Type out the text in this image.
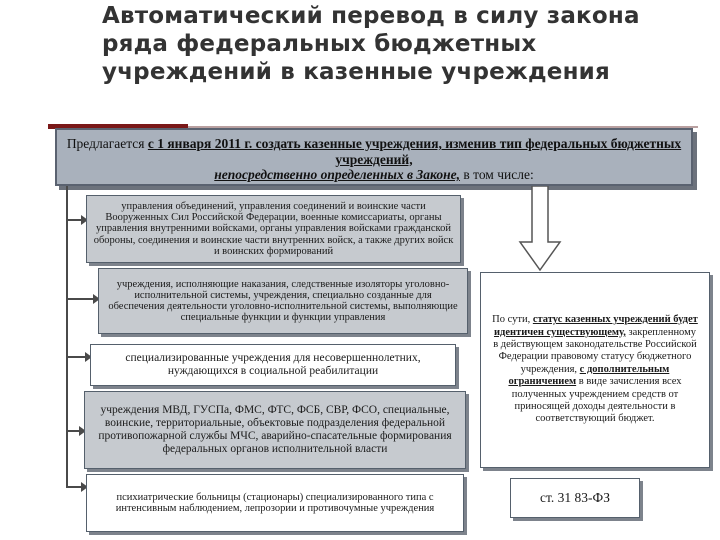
Автоматический перевод в силу закона ряда федеральных бюджетных учреждений в казенные учреждения
Предлагается с 1 января 2011 г. создать казенные учреждения, изменив тип федеральных бюджетных учреждений,
непосредственно определенных в Законе, в том числе:
управления объединений, управления соединений и воинские части Вооруженных Сил Российской Федерации, военные комиссариаты, органы управления внутренними войсками, органы управления войсками гражданской обороны, соединения и воинские части внутренних войск, а также других войск и воинских формирований
учреждения, исполняющие наказания, следственные изоляторы уголовно-исполнительной системы, учреждения, специально созданные для обеспечения деятельности уголовно-исполнительной системы, выполняющие специальные функции и функции управления
специализированные учреждения для несовершеннолетних, нуждающихся в социальной реабилитации
учреждения МВД, ГУСПа, ФМС, ФТС, ФСБ, СВР, ФСО, специальные, воинские, территориальные, объектовые подразделения федеральной противопожарной службы МЧС, аварийно-спасательные формирования федеральных органов исполнительной власти
психиатрические больницы (стационары) специализированного типа с интенсивным наблюдением, лепрозории и противочумные учреждения
По сути, статус казенных учреждений будет идентичен существующему, закрепленному в действующем законодательстве Российской Федерации правовому статусу бюджетного учреждения, с дополнительным ограничением в виде зачисления всех полученных учреждением средств от приносящей доходы деятельности в соответствующий бюджет.
ст. 31 83-ФЗ
